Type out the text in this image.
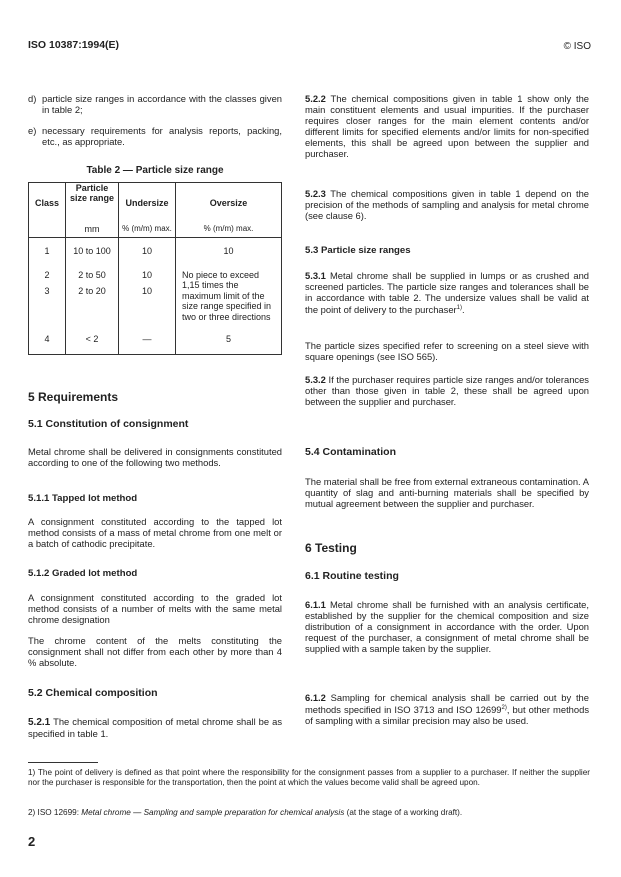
ISO 10387:1994(E)	© ISO
d) particle size ranges in accordance with the classes given in table 2;
e) necessary requirements for analysis reports, packing, etc., as appropriate.
Table 2 — Particle size range
Class	Particle size range	Undersize	Oversize
	mm	% (m/m) max.	% (m/m) max.
1	10 to 100	10	10
2	2 to 50	10	No piece to exceed 1,15 times the maximum limit of the size range specified in two or three directions
3	2 to 20	10	
4	< 2	—	5
5 Requirements
5.1 Constitution of consignment
Metal chrome shall be delivered in consignments constituted according to one of the following two methods.
5.1.1 Tapped lot method
A consignment constituted according to the tapped lot method consists of a mass of metal chrome from one melt or a batch of cathodic precipitate.
5.1.2 Graded lot method
A consignment constituted according to the graded lot method consists of a number of melts with the same metal chrome designation
The chrome content of the melts constituting the consignment shall not differ from each other by more than 4 % absolute.
5.2 Chemical composition
5.2.1 The chemical composition of metal chrome shall be as specified in table 1.
5.2.2 The chemical compositions given in table 1 show only the main constituent elements and usual impurities. If the purchaser requires closer ranges for the main element contents and/or different limits for specified elements and/or limits for non-specified elements, this shall be agreed upon between the supplier and purchaser.
5.2.3 The chemical compositions given in table 1 depend on the precision of the methods of sampling and analysis for metal chrome (see clause 6).
5.3 Particle size ranges
5.3.1 Metal chrome shall be supplied in lumps or as crushed and screened particles. The particle size ranges and tolerances shall be in accordance with table 2. The undersize values shall be valid at the point of delivery to the purchaser$^{1)}$.
The particle sizes specified refer to screening on a steel sieve with square openings (see ISO 565).
5.3.2 If the purchaser requires particle size ranges and/or tolerances other than those given in table 2, these shall be agreed upon between the supplier and purchaser.
5.4 Contamination
The material shall be free from external extraneous contamination. A quantity of slag and anti-burning materials shall be specified by mutual agreement between the supplier and purchaser.
6 Testing
6.1 Routine testing
6.1.1 Metal chrome shall be furnished with an analysis certificate, established by the supplier for the chemical composition and size distribution of a consignment in accordance with the order. Upon request of the purchaser, a consignment of metal chrome shall be supplied with a sample taken by the supplier.
6.1.2 Sampling for chemical analysis shall be carried out by the methods specified in ISO 3713 and ISO 12699$^{2)}$, but other methods of sampling with a similar precision may also be used.
1) The point of delivery is defined as that point where the responsibility for the consignment passes from a supplier to a purchaser. If neither the supplier nor the purchaser is responsible for the transportation, then the point at which the values become valid shall be agreed upon.
2) ISO 12699: Metal chrome — Sampling and sample preparation for chemical analysis (at the stage of a working draft).
2
